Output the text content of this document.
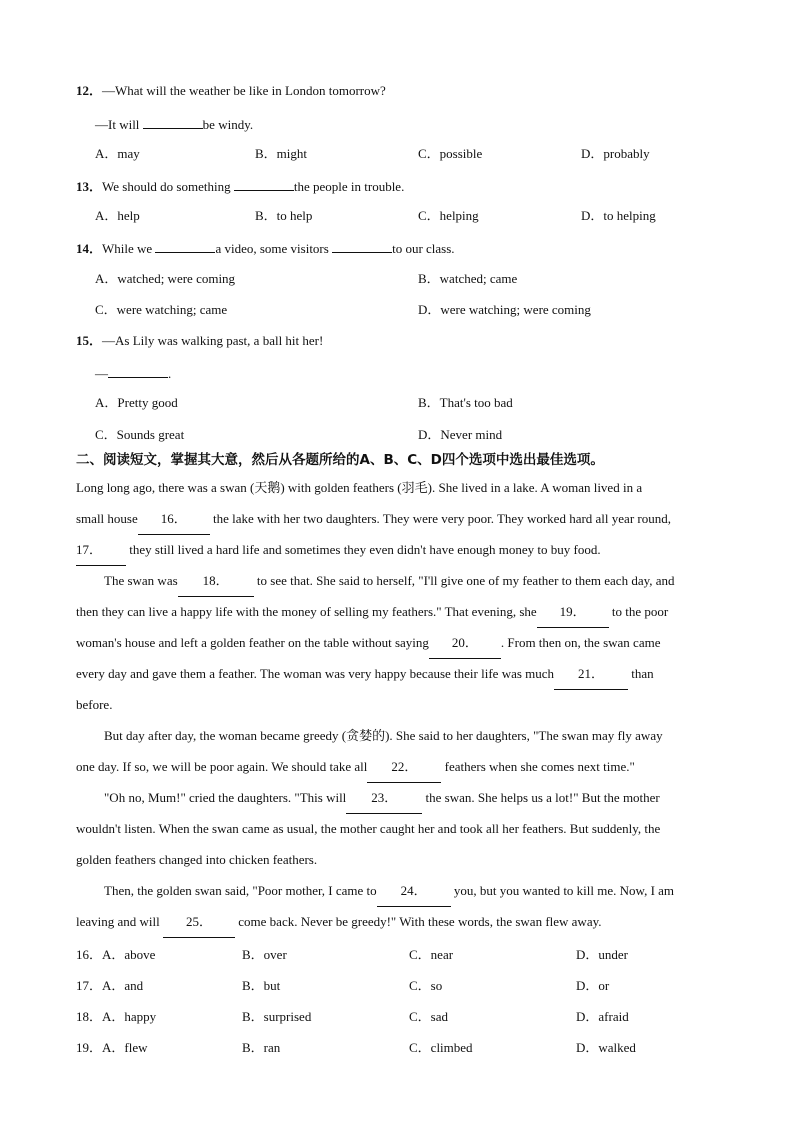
12．—What will the weather be like in London tomorrow?
—It will	be windy.
A．may	B．might	C．possible	D．probably
13．We should do something	the people in trouble.
A．help	B．to help	C．helping	D．to helping
14．While we	a video, some visitors	to our class.
A．watched; were coming	B．watched; came
C．were watching; came	D．were watching; were coming
15．—As Lily was walking past, a ball hit her!
—	.
A．Pretty good	B．That's too bad
C．Sounds great	D．Never mind
二、阅读短文，掌握其大意，然后从各题所给的A、B、C、D四个选项中选出最佳选项。
Long long ago, there was a swan (天鹅) with golden feathers (羽毛). She lived in a lake. A woman lived in a
small house 16． the lake with her two daughters. They were very poor. They worked hard all year round,
17． they still lived a hard life and sometimes they even didn't have enough money to buy food.
The swan was 18． to see that. She said to herself, "I'll give one of my feather to them each day, and
then they can live a happy life with the money of selling my feathers." That evening, she 19． to the poor
woman's house and left a golden feather on the table without saying 20． . From then on, the swan came
every day and gave them a feather. The woman was very happy because their life was much 21． than
before.
But day after day, the woman became greedy (贪婪的). She said to her daughters, "The swan may fly away
one day. If so, we will be poor again. We should take all 22． feathers when she comes next time."
"Oh no, Mum!" cried the daughters. "This will 23． the swan. She helps us a lot!" But the mother
wouldn't listen. When the swan came as usual, the mother caught her and took all her feathers. But suddenly, the
golden feathers changed into chicken feathers.
Then, the golden swan said, "Poor mother, I came to 24． you, but you wanted to kill me. Now, I am
leaving and will 25． come back. Never be greedy!" With these words, the swan flew away.
16．A．above	B．over	C．near	D．under
17．A．and	B．but	C．so	D．or
18．A．happy	B．surprised	C．sad	D．afraid
19．A．flew	B．ran	C．climbed	D．walked
